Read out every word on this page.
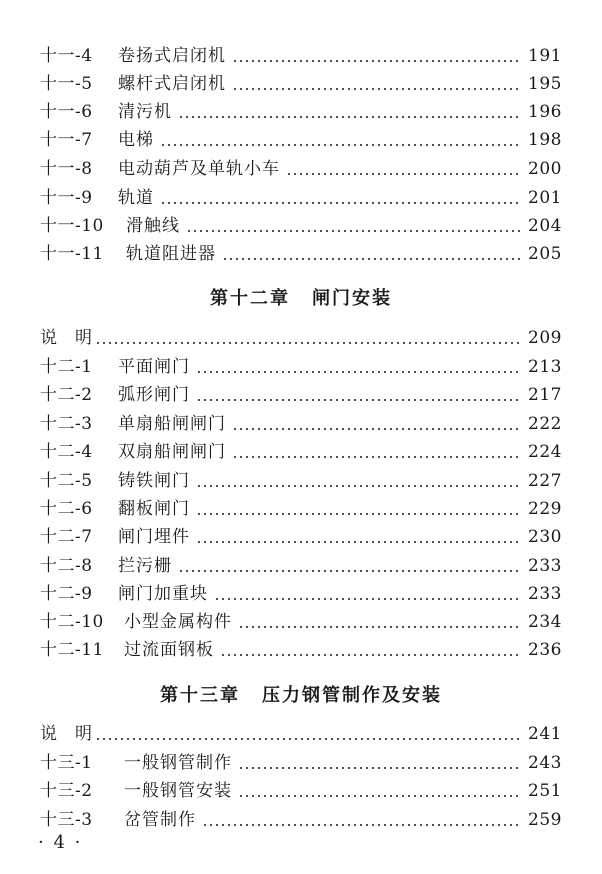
十一-4	卷扬式启闭机	191
十一-5	螺杆式启闭机	195
十一-6	清污机	196
十一-7	电梯	198
十一-8	电动葫芦及单轨小车	200
十一-9	轨道	201
十一-10	滑触线	204
十一-11	轨道阻进器	205
第十二章 闸门安装
说　明	209
十二-1	平面闸门	213
十二-2	弧形闸门	217
十二-3	单扇船闸闸门	222
十二-4	双扇船闸闸门	224
十二-5	铸铁闸门	227
十二-6	翻板闸门	229
十二-7	闸门埋件	230
十二-8	拦污栅	233
十二-9	闸门加重块	233
十二-10	小型金属构件	234
十二-11	过流面钢板	236
第十三章 压力钢管制作及安装
说　明	241
十三-1	一般钢管制作	243
十三-2	一般钢管安装	251
十三-3	岔管制作	259
· 4 ·
